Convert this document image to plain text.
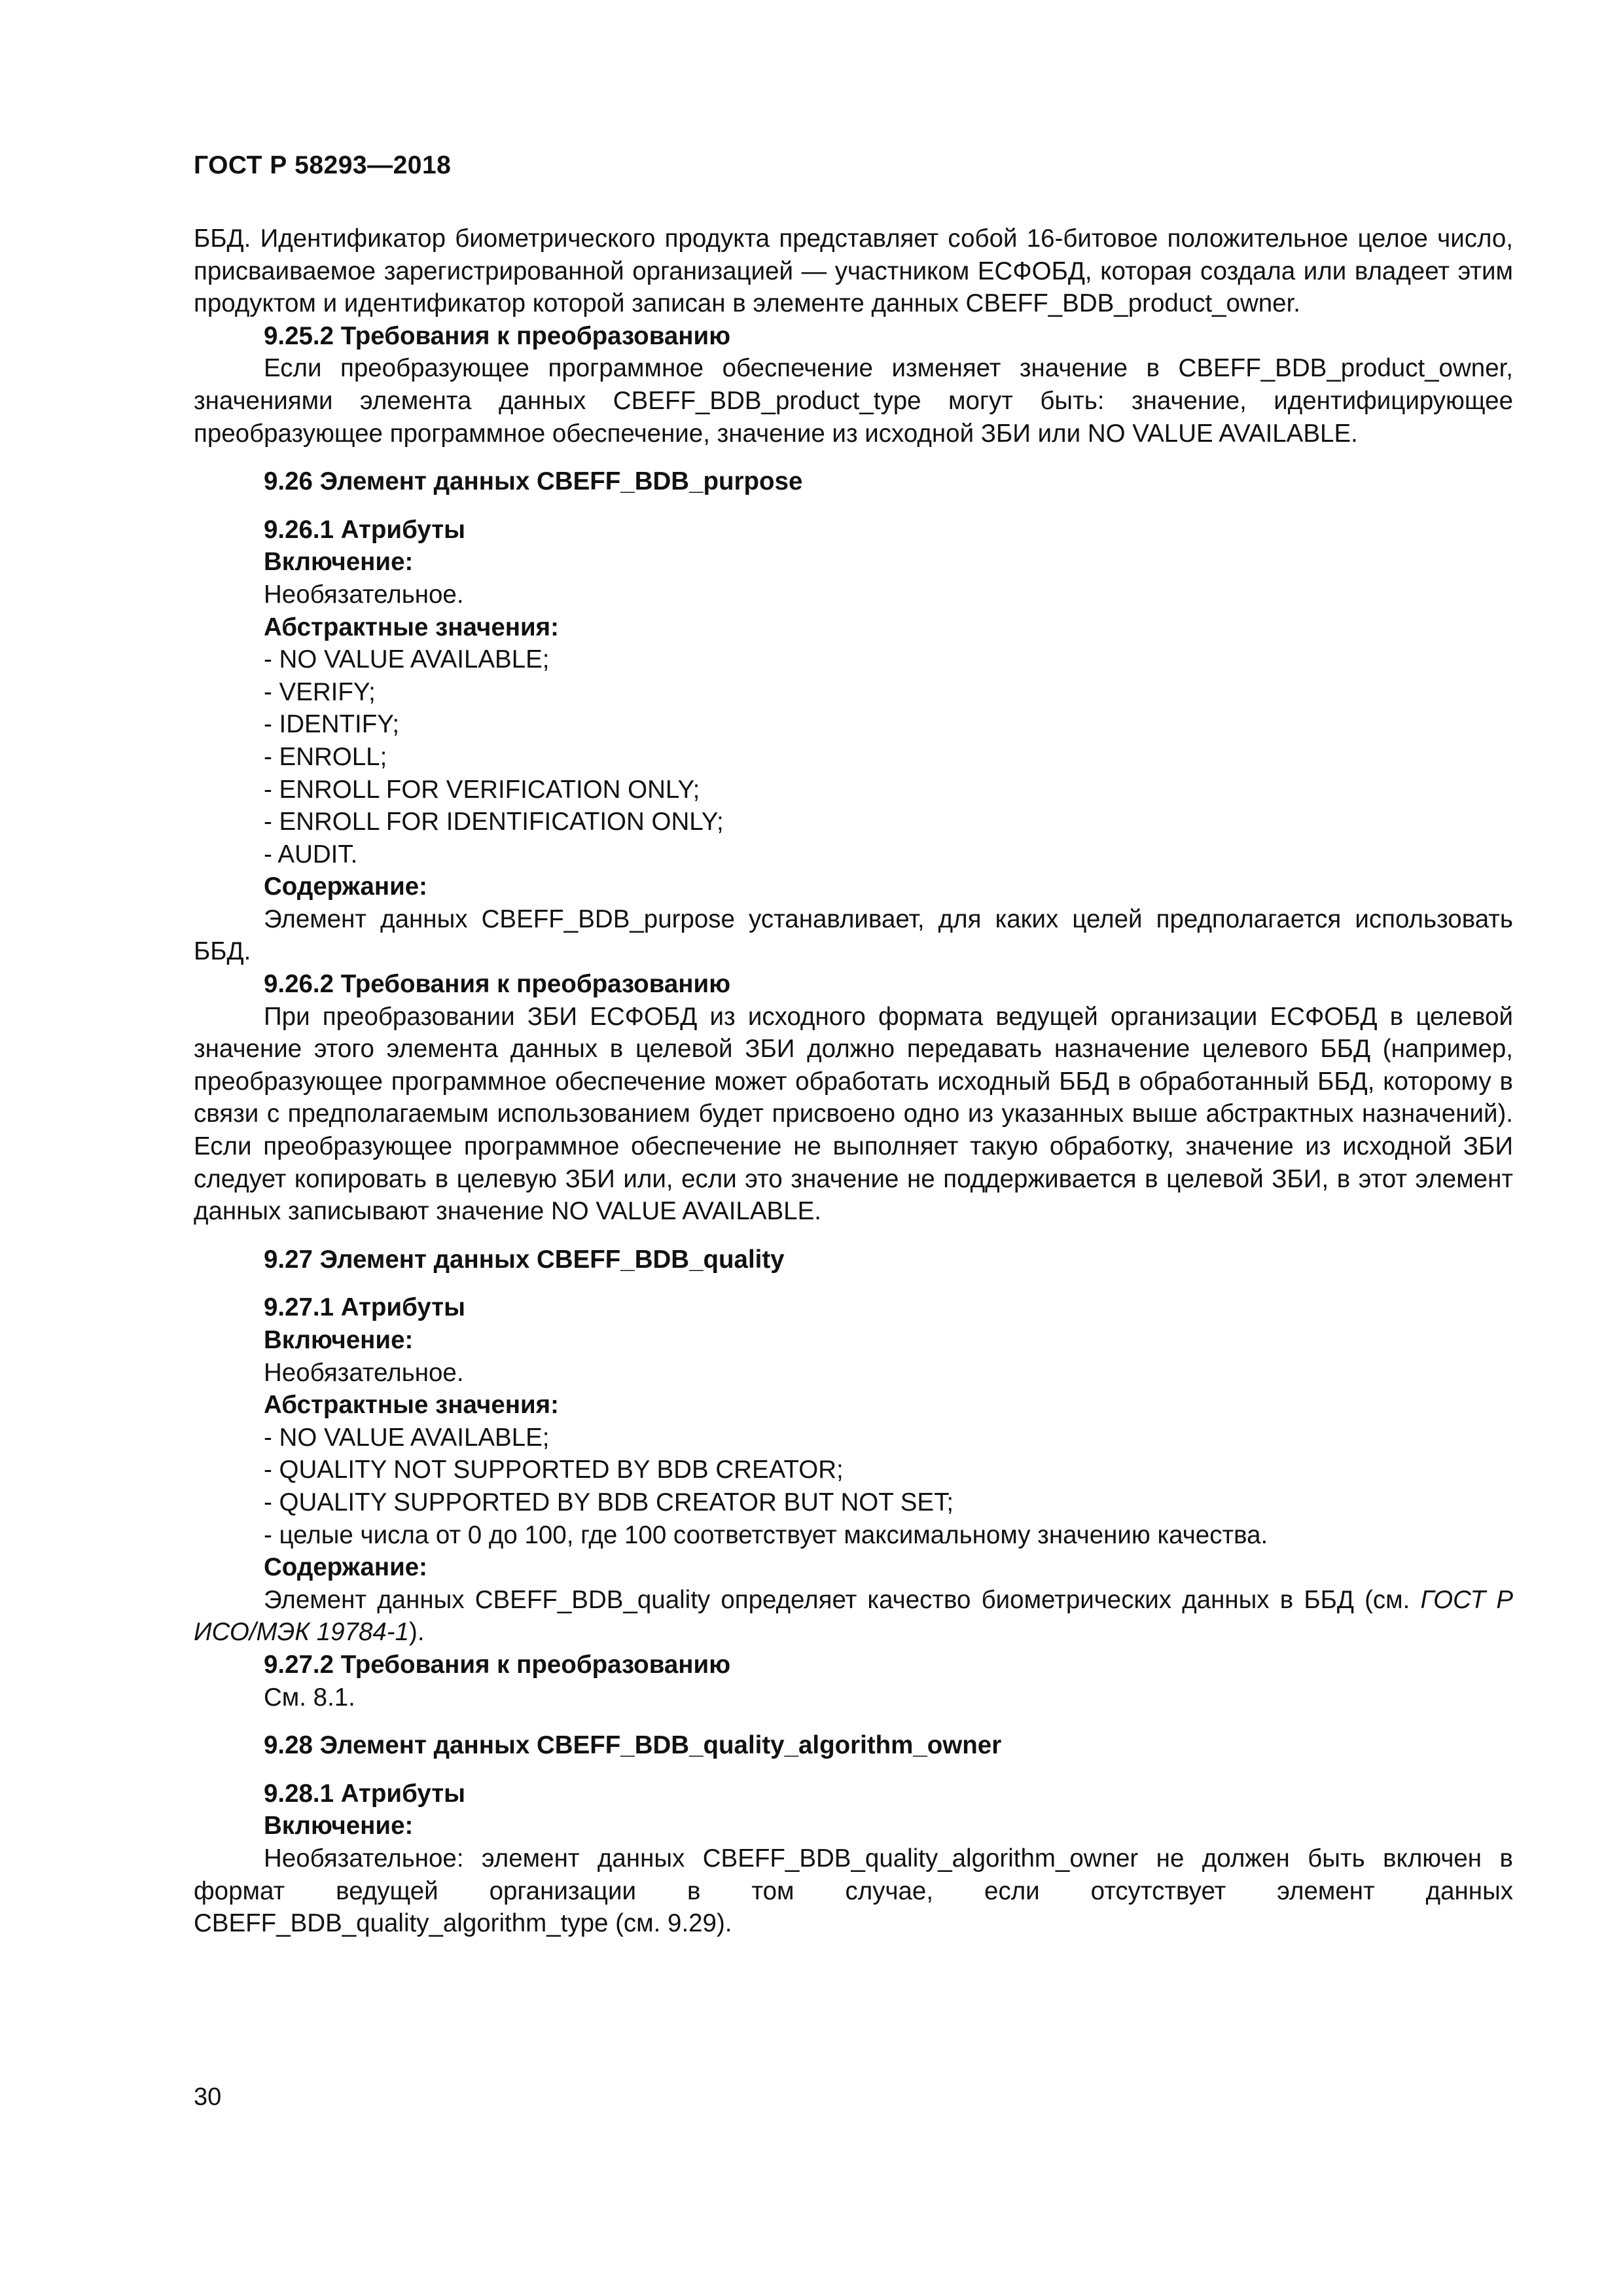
ГОСТ Р 58293—2018

ББД. Идентификатор биометрического продукта представляет собой 16-битовое положительное целое число, присваиваемое зарегистрированной организацией — участником ЕСФОБД, которая создала или владеет этим продуктом и идентификатор которой записан в элементе данных CBEFF_BDB_product_owner.

9.25.2 Требования к преобразованию

Если преобразующее программное обеспечение изменяет значение в CBEFF_BDB_product_owner, значениями элемента данных CBEFF_BDB_product_type могут быть: значение, идентифицирующее преобразующее программное обеспечение, значение из исходной ЗБИ или NO VALUE AVAILABLE.

9.26 Элемент данных CBEFF_BDB_purpose

9.26.1 Атрибуты

Включение:

Необязательное.

Абстрактные значения:

- NO VALUE AVAILABLE;

- VERIFY;

- IDENTIFY;

- ENROLL;

- ENROLL FOR VERIFICATION ONLY;

- ENROLL FOR IDENTIFICATION ONLY;

- AUDIT.

Содержание:

Элемент данных CBEFF_BDB_purpose устанавливает, для каких целей предполагается использовать ББД.

9.26.2 Требования к преобразованию

При преобразовании ЗБИ ЕСФОБД из исходного формата ведущей организации ЕСФОБД в целевой значение этого элемента данных в целевой ЗБИ должно передавать назначение целевого ББД (например, преобразующее программное обеспечение может обработать исходный ББД в обработанный ББД, которому в связи с предполагаемым использованием будет присвоено одно из указанных выше абстрактных назначений). Если преобразующее программное обеспечение не выполняет такую обработку, значение из исходной ЗБИ следует копировать в целевую ЗБИ или, если это значение не поддерживается в целевой ЗБИ, в этот элемент данных записывают значение NO VALUE AVAILABLE.

9.27 Элемент данных CBEFF_BDB_quality

9.27.1 Атрибуты

Включение:

Необязательное.

Абстрактные значения:

- NO VALUE AVAILABLE;

- QUALITY NOT SUPPORTED BY BDB CREATOR;

- QUALITY SUPPORTED BY BDB CREATOR BUT NOT SET;

- целые числа от 0 до 100, где 100 соответствует максимальному значению качества.

Содержание:

Элемент данных CBEFF_BDB_quality определяет качество биометрических данных в ББД (см. ГОСТ Р ИСО/МЭК 19784-1).

9.27.2 Требования к преобразованию

См. 8.1.

9.28 Элемент данных CBEFF_BDB_quality_algorithm_owner

9.28.1 Атрибуты

Включение:

Необязательное: элемент данных CBEFF_BDB_quality_algorithm_owner не должен быть включен в формат ведущей организации в том случае, если отсутствует элемент данных CBEFF_BDB_quality_algorithm_type (см. 9.29).

30
